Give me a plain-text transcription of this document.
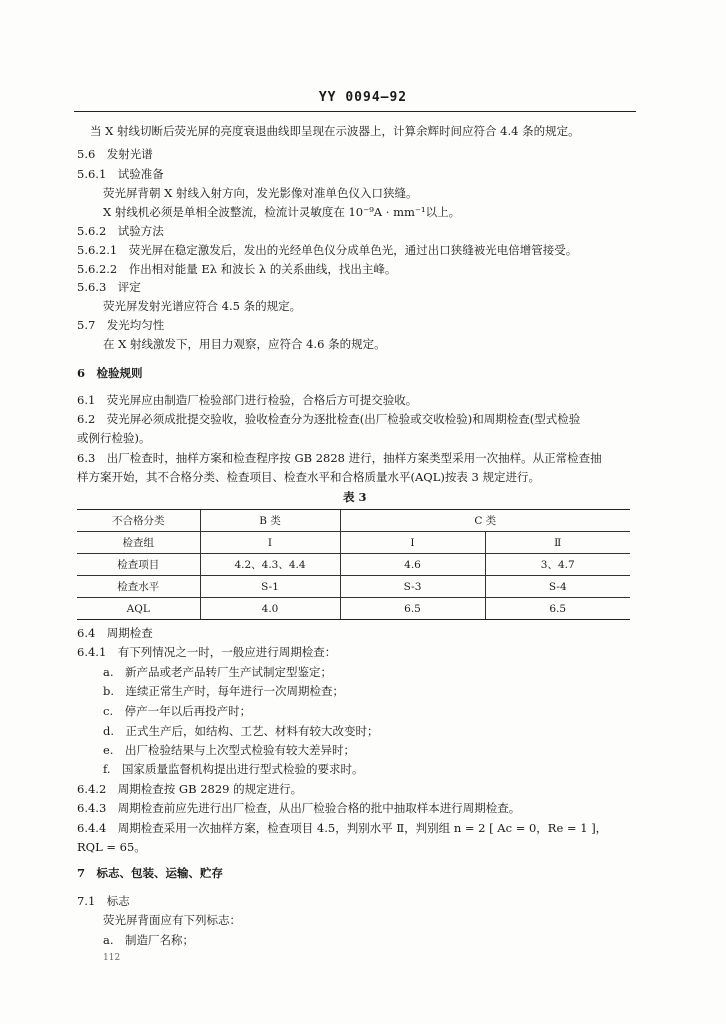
YY 0094—92
当 X 射线切断后荧光屏的亮度衰退曲线即呈现在示波器上，计算余辉时间应符合 4.4 条的规定。
5.6　发射光谱
5.6.1　试验准备
荧光屏背朝 X 射线入射方向，发光影像对准单色仪入口狭缝。
X 射线机必须是单相全波整流，检流计灵敏度在 10⁻⁹A · mm⁻¹以上。
5.6.2　试验方法
5.6.2.1　荧光屏在稳定激发后，发出的光经单色仪分成单色光，通过出口狭缝被光电倍增管接受。
5.6.2.2　作出相对能量 Eλ 和波长 λ 的关系曲线，找出主峰。
5.6.3　评定
荧光屏发射光谱应符合 4.5 条的规定。
5.7　发光均匀性
在 X 射线激发下，用目力观察，应符合 4.6 条的规定。
6　检验规则
6.1　荧光屏应由制造厂检验部门进行检验，合格后方可提交验收。
6.2　荧光屏必须成批提交验收，验收检查分为逐批检查(出厂检验或交收检验)和周期检查(型式检验
或例行检验)。
6.3　出厂检查时，抽样方案和检查程序按 GB 2828 进行，抽样方案类型采用一次抽样。从正常检查抽
样方案开始，其不合格分类、检查项目、检查水平和合格质量水平(AQL)按表 3 规定进行。
表 3
不合格分类	B 类	C 类	
检查组	Ⅰ	Ⅰ	Ⅱ
检查项目	4.2、4.3、4.4	4.6	3、4.7
检查水平	S-1	S-3	S-4
AQL	4.0	6.5	6.5
6.4　周期检查
6.4.1　有下列情况之一时，一般应进行周期检查：
a.　新产品或老产品转厂生产试制定型鉴定；
b.　连续正常生产时，每年进行一次周期检查；
c.　停产一年以后再投产时；
d.　正式生产后，如结构、工艺、材料有较大改变时；
e.　出厂检验结果与上次型式检验有较大差异时；
f.　国家质量监督机构提出进行型式检验的要求时。
6.4.2　周期检查按 GB 2829 的规定进行。
6.4.3　周期检查前应先进行出厂检查，从出厂检验合格的批中抽取样本进行周期检查。
6.4.4　周期检查采用一次抽样方案，检查项目 4.5，判别水平 Ⅱ，判别组 n = 2 [ Ac = 0，Re = 1 ]，
RQL = 65。
7　标志、包装、运输、贮存
7.1　标志
荧光屏背面应有下列标志：
a.　制造厂名称；
112
